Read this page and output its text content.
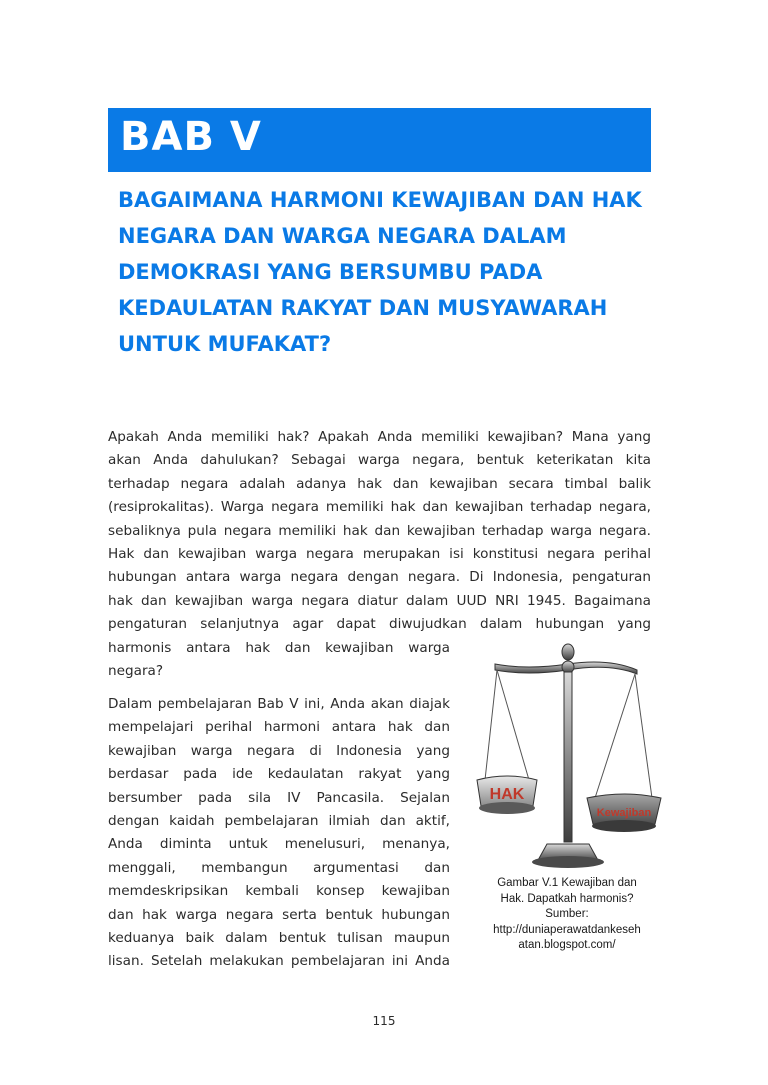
BAB V
BAGAIMANA HARMONI KEWAJIBAN DAN HAK
NEGARA DAN WARGA NEGARA DALAM
DEMOKRASI YANG BERSUMBU PADA
KEDAULATAN RAKYAT DAN MUSYAWARAH
UNTUK MUFAKAT?

Apakah Anda memiliki hak? Apakah Anda memiliki kewajiban? Mana yang
akan Anda dahulukan? Sebagai warga negara, bentuk keterikatan kita
terhadap negara adalah adanya hak dan kewajiban secara timbal balik
(resiprokalitas). Warga negara memiliki hak dan kewajiban terhadap negara,
sebaliknya pula negara memiliki hak dan kewajiban terhadap warga negara.
Hak dan kewajiban warga negara merupakan isi konstitusi negara perihal
hubungan antara warga negara dengan negara. Di Indonesia, pengaturan
hak dan kewajiban warga negara diatur dalam UUD NRI 1945. Bagaimana
pengaturan selanjutnya agar dapat diwujudkan dalam hubungan yang
harmonis antara hak dan kewajiban warga
negara?

Dalam pembelajaran Bab V ini, Anda akan diajak
mempelajari perihal harmoni antara hak dan
kewajiban warga negara di Indonesia yang
berdasar pada ide kedaulatan rakyat yang
bersumber pada sila IV Pancasila. Sejalan
dengan kaidah pembelajaran ilmiah dan aktif,
Anda diminta untuk menelusuri, menanya,
menggali, membangun argumentasi dan
memdeskripsikan kembali konsep kewajiban
dan hak warga negara serta bentuk hubungan
keduanya baik dalam bentuk tulisan maupun
lisan. Setelah melakukan pembelajaran ini Anda

HAK
Kewajiban

Gambar V.1 Kewajiban dan
Hak. Dapatkah harmonis?
Sumber:
http://duniaperawatdankeseh
atan.blogspot.com/

115
